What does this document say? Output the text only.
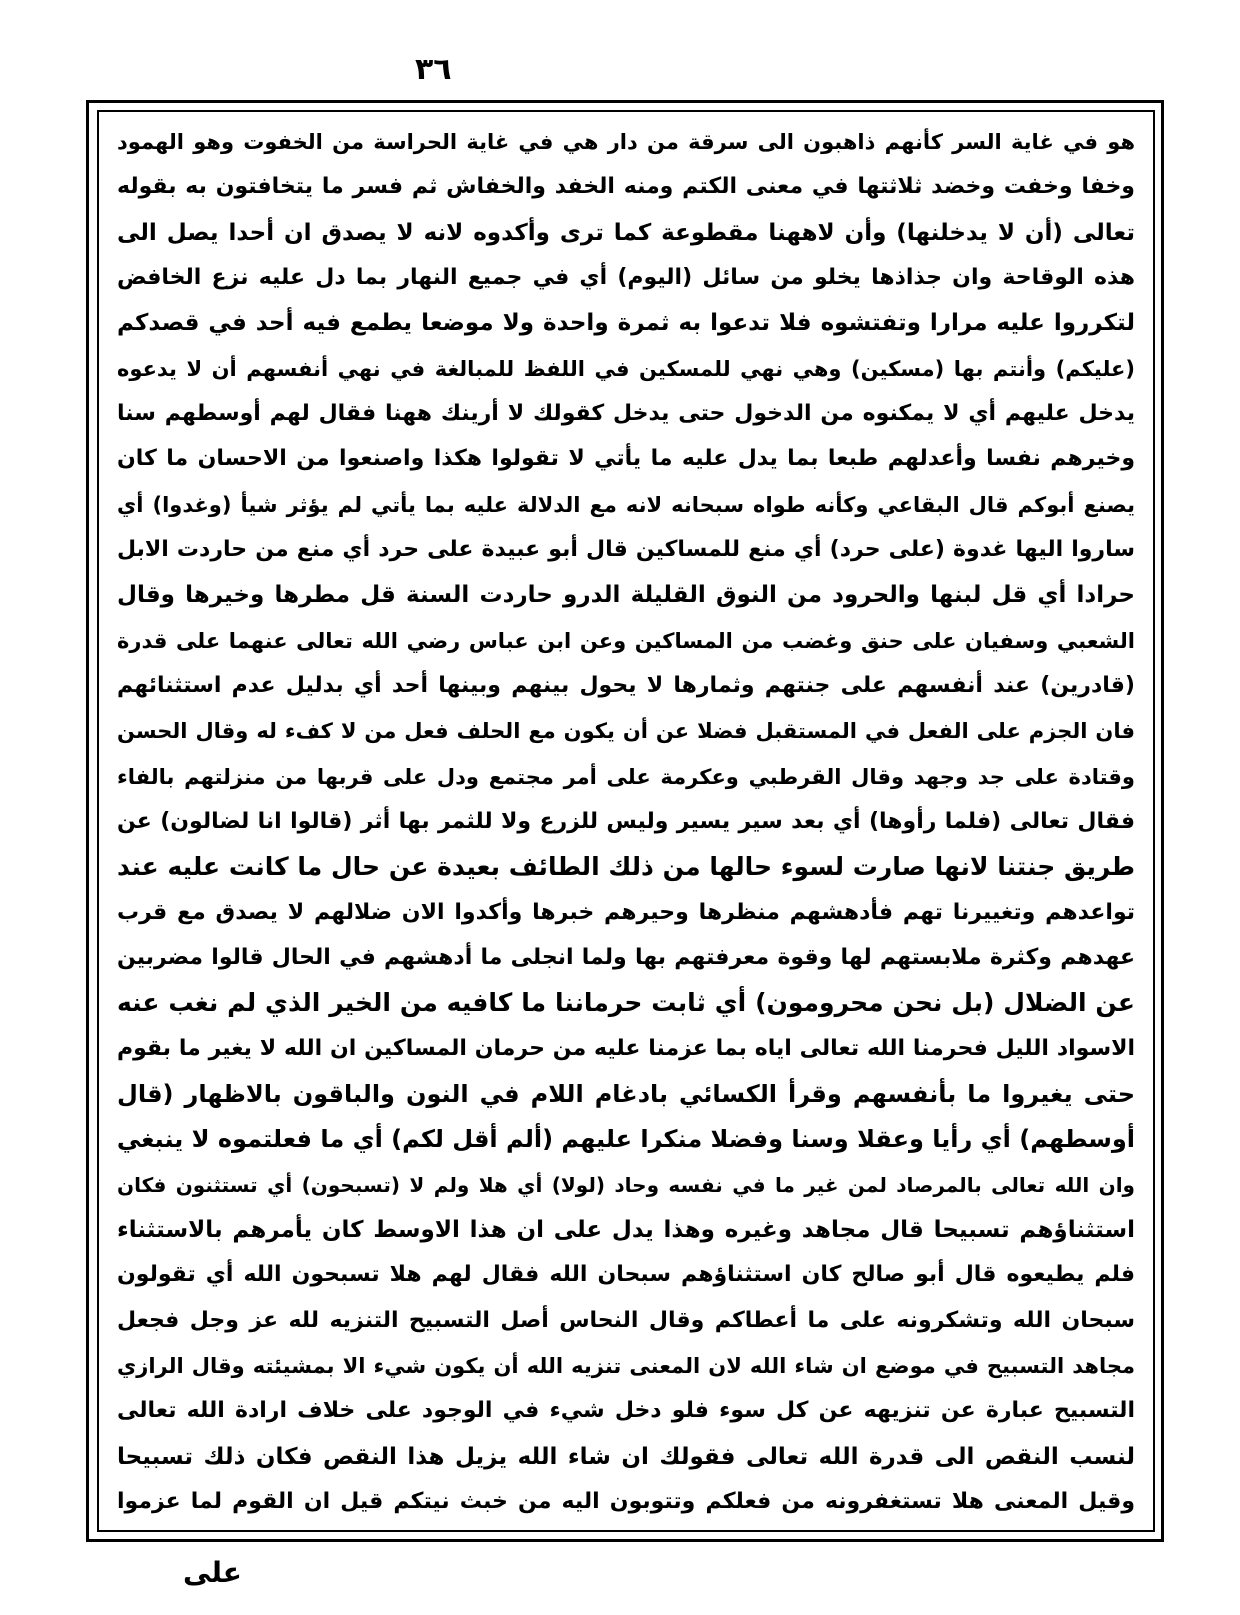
٣٦
هو في غاية السر كأنهم ذاهبون الى سرقة من دار هي في غاية الحراسة من الخفوت وهو الهمود
وخفا وخفت وخضد ثلاثتها في معنى الكتم ومنه الخفد والخفاش ثم فسر ما يتخافتون به بقوله
تعالى (أن لا يدخلنها) وأن لاههنا مقطوعة كما ترى وأكدوه لانه لا يصدق ان أحدا يصل الى
هذه الوقاحة وان جذاذها يخلو من سائل (اليوم) أي في جميع النهار بما دل عليه نزع الخافض
لتكرروا عليه مرارا وتفتشوه فلا تدعوا به ثمرة واحدة ولا موضعا يطمع فيه أحد في قصدكم
(عليكم) وأنتم بها (مسكين) وهي نهي للمسكين في اللفظ للمبالغة في نهي أنفسهم أن لا يدعوه
يدخل عليهم أي لا يمكنوه من الدخول حتى يدخل كقولك لا أرينك ههنا فقال لهم أوسطهم سنا
وخيرهم نفسا وأعدلهم طبعا بما يدل عليه ما يأتي لا تقولوا هكذا واصنعوا من الاحسان ما كان
يصنع أبوكم قال البقاعي وكأنه طواه سبحانه لانه مع الدلالة عليه بما يأتي لم يؤثر شيأ (وغدوا) أي
ساروا اليها غدوة (على حرد) أي منع للمساكين قال أبو عبيدة على حرد أي منع من حاردت الابل
حرادا أي قل لبنها والحرود من النوق القليلة الدرو حاردت السنة قل مطرها وخيرها وقال
الشعبي وسفيان على حنق وغضب من المساكين وعن ابن عباس رضي الله تعالى عنهما على قدرة
(قادرين) عند أنفسهم على جنتهم وثمارها لا يحول بينهم وبينها أحد أي بدليل عدم استثنائهم
فان الجزم على الفعل في المستقبل فضلا عن أن يكون مع الحلف فعل من لا كفء له وقال الحسن
وقتادة على جد وجهد وقال القرطبي وعكرمة على أمر مجتمع ودل على قربها من منزلتهم بالفاء
فقال تعالى (فلما رأوها) أي بعد سير يسير وليس للزرع ولا للثمر بها أثر (قالوا انا لضالون) عن
طريق جنتنا لانها صارت لسوء حالها من ذلك الطائف بعيدة عن حال ما كانت عليه عند
تواعدهم وتغييرنا تهم فأدهشهم منظرها وحيرهم خبرها وأكدوا الان ضلالهم لا يصدق مع قرب
عهدهم وكثرة ملابستهم لها وقوة معرفتهم بها ولما انجلى ما أدهشهم في الحال قالوا مضربين
عن الضلال (بل نحن محرومون) أي ثابت حرماننا ما كافيه من الخير الذي لم نغب عنه
الاسواد الليل فحرمنا الله تعالى اياه بما عزمنا عليه من حرمان المساكين ان الله لا يغير ما بقوم
حتى يغيروا ما بأنفسهم وقرأ الكسائي بادغام اللام في النون والباقون بالاظهار (قال
أوسطهم) أي رأيا وعقلا وسنا وفضلا منكرا عليهم (ألم أقل لكم) أي ما فعلتموه لا ينبغي
وان الله تعالى بالمرصاد لمن غير ما في نفسه وحاد (لولا) أي هلا ولم لا (تسبحون) أي تستثنون فكان
استثناؤهم تسبيحا قال مجاهد وغيره وهذا يدل على ان هذا الاوسط كان يأمرهم بالاستثناء
فلم يطيعوه قال أبو صالح كان استثناؤهم سبحان الله فقال لهم هلا تسبحون الله أي تقولون
سبحان الله وتشكرونه على ما أعطاكم وقال النحاس أصل التسبيح التنزيه لله عز وجل فجعل
مجاهد التسبيح في موضع ان شاء الله لان المعنى تنزيه الله أن يكون شيء الا بمشيئته وقال الرازي
التسبيح عبارة عن تنزيهه عن كل سوء فلو دخل شيء في الوجود على خلاف ارادة الله تعالى
لنسب النقص الى قدرة الله تعالى فقولك ان شاء الله يزيل هذا النقص فكان ذلك تسبيحا
وقيل المعنى هلا تستغفرونه من فعلكم وتتوبون اليه من خبث نيتكم قيل ان القوم لما عزموا
على
